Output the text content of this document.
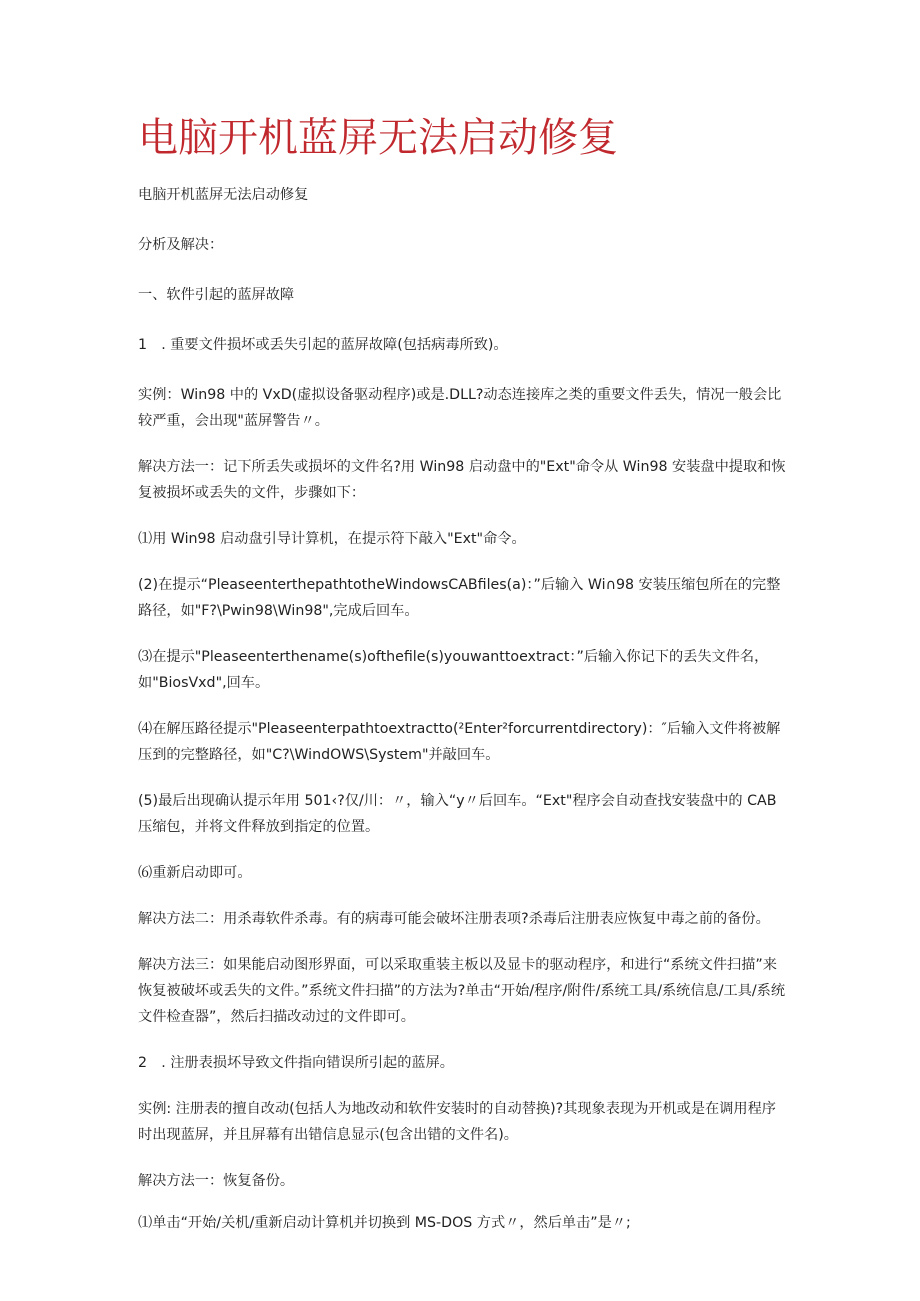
电脑开机蓝屏无法启动修复

电脑开机蓝屏无法启动修复

分析及解决：

一、软件引起的蓝屏故障

1　. 重要文件损坏或丢失引起的蓝屏故障(包括病毒所致)。

实例：Win98 中的 VxD(虚拟设备驱动程序)或是.DLL?动态连接库之类的重要文件丢失，情况一般会比较严重，会出现"蓝屏警告〃。

解决方法一：记下所丢失或损坏的文件名?用 Win98 启动盘中的"Ext"命令从 Win98 安装盘中提取和恢复被损坏或丢失的文件，步骤如下：

⑴用 Win98 启动盘引导计算机，在提示符下敲入"Ext"命令。

(2)在提示“PleaseenterthepathtotheWindowsCABfiles(a)：”后输入 Wi∩98 安装压缩包所在的完整路径，如"F?\Pwin98\Win98",完成后回车。

⑶在提示"Pleaseenterthename(s)ofthefile(s)youwanttoextract：”后输入你记下的丢失文件名，如"BiosVxd",回车。

⑷在解压路径提示"Pleaseenterpathtoextractto(²Enter²forcurrentdirectory)：″后输入文件将被解压到的完整路径，如"C?\WindOWS\System"并敲回车。

(5)最后出现确认提示年用 501‹?仅/川：〃，输入“y〃后回车。“Ext"程序会自动查找安装盘中的 CAB 压缩包，并将文件释放到指定的位置。

⑹重新启动即可。

解决方法二：用杀毒软件杀毒。有的病毒可能会破坏注册表项?杀毒后注册表应恢复中毒之前的备份。

解决方法三：如果能启动图形界面，可以采取重装主板以及显卡的驱动程序，和进行“系统文件扫描”来恢复被破坏或丢失的文件。”系统文件扫描”的方法为?单击“开始/程序/附件/系统工具/系统信息/工具/系统文件检查器”，然后扫描改动过的文件即可。

2　. 注册表损坏导致文件指向错误所引起的蓝屏。

实例: 注册表的擅自改动(包括人为地改动和软件安装时的自动替换)?其现象表现为开机或是在调用程序时出现蓝屏，并且屏幕有出错信息显示(包含出错的文件名)。

解决方法一：恢复备份。

⑴单击“开始/关机/重新启动计算机并切换到 MS-DOS 方式〃，然后单击”是〃;
